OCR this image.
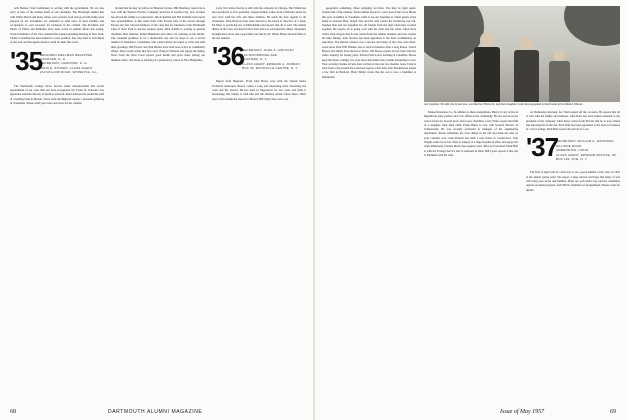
ords Bonner. Tom Commiskey is serving with the government. We are also sorry to hear of the sudden death of our classmate. The Pittsburgh alumni met with Walter Beach and many others were present. Golf and good fellowship were enjoyed by all. Classmates are reminded to send news of their families and occupations to your secretary for inclusion in the column. The President and Editor of Editor and Publisher have been active in alumni affairs this spring. Several members of the class attended the reunion planning meeting in New York. Charlie Considine has been named to a new position. The class fund is well ahead of last year and the agents deserve credit for their fine work.

'35
BENJAMIN WELLMAN REGISTER
HANOVER, N. H.
SECRETARY, HANOVER, N. H.
JOHN E. STOKES, CLASS AGENT
219 WILLOW ROAD, WINNETKA, ILL.

The Dartmouth College News Service made announcement that recent appointment of our class men has been recognized. Dr. Frank W. Schwartz was appointed assistant director of medical research. Rand Johnson has joined the staff of a leading bank in Boston. News from the Midwest reports a pleasant gathering of classmates. Please send your notes and news for the column.

dicated that he may be with us in Hanover in June. Bill Shumway reports he is now with the Western Electric Company and lives in Garden City. Jack Scanlon has moved his family to Connecticut. Jim Ackerman and Hal Lindlahr both report new grandchildren. A fine letter from Clint Fowler tells of his travels through Europe last fall. Several members of the class met for luncheon at the Dartmouth Club of New York to discuss reunion plans. Dick Adams is serving as general chairman. Bob Webster, Ralph Hammond and others are working on the details. The weekend promises to be a memorable one and we hope to see a record number in attendance. Classmates who cannot attend are urged to write and send their greetings. Bill Fowler and Tom Barnes have both been active in community affairs. Dave Curtis writes that he is now living in Vermont and enjoys the skiing. News from the West Coast reports good health and good cheer among our members there. Jim Stone is teaching at a preparatory school in New Hampshire.

Larry Ord writes that he is still with the company in Chicago. Bob Smith has been promoted to vice president. Joseph Gilman writes from California where he now lives with his wife and three children. He sends his best regards to all classmates. Dick Heywood has been elected to the board of directors of a bank. Ed Shaw is practicing law in Philadelphia and reports that all is well. The annual dinner of the class was held in New York and was well attended. Many classmates brought their wives and a good time was had by all. Walter Fisher showed films of the last reunion.

'36
SECRETARY, JOHN A. HINCKLEY
120 WOODRIDGE AVE.
CHATHAM, N. J.
CLASS AGENT, EDWARD A. JORDAN
BOX 45, ROCKVILLE CENTRE, N. Y.

Report from Belgrade. From John Howe, now with the United States Technical Assistance Board, comes a long and interesting letter describing his work and life abroad. He has been in Yugoslavia for two years and finds it fascinating. His family is with him and the children attend school there. Other news: Dave Kemp has moved to Boston; Bill Taylor has a new son.

geography something. More sympathy for Kirk. You may be right again. Sounds like a fine reunion. Ernie Gilman moved to a new post at the Cross House this year. A number of classmates came to see Art Lippman as winter guests at his home in Jackson Hole. Ralph Sale and his wife toured the Northwest last fall. Stephen Dan and Art Lippman are old friends from the days when they roomed together. He reports all is going well with his farm and his cattle. Alton Peck writes from Oregon that he has retired from the lumber business and now spends his time fishing. John Stevens has been appointed to the State Commission on education. The Denver reunion was a success and many of the class were there. Good news from Will Holmes who is back in business after a long illness. Chuck Brown and family have moved to Texas. Jim Moore reports he has been with the same company for twenty years. Edward Vail is now teaching at Columbia. Please keep the letters coming; it is your news that makes this column interesting to read. Your secretary thanks all who have written in the past few months. Gene Clark is back from a trip around the world and reports a fine time. Dan Freeman has joined a law firm in Hartford. Harry Miller writes that his son is now a freshman at Dartmouth.

Art Lippman '36 with, the brown tree, son Martha O'Driscoll, and their daughter Linda photographed at their home in Northfield, Illinois.

Manuel Insurance Co. In addition to these assignments, Henry is very active in Republican party politics and civic affairs in his community. He has served on the school board for several years and is now chairman. Larry Fiske reports the birth of a daughter, their third child. Frank Burns is now with General Electric in Schenectady. He was recently promoted to manager of the engineering department. Please remember the class dinner in the fall and mark the date on your calendar now. Sam Pollock has built a new home in Connecticut. Tom Wright writes he is now chief of surgery at a large hospital in Ohio and enjoys his work immensely. Charles Morris has opened a new office in Cleveland. Mark Hall is with the Foreign Service and is stationed in Paris. Bill Lyons reports a fine trip to Bermuda with his wife.

on Wednesday morning. Art Trum topped off the occasion. He reports that all is well with the family and business. John Kane has been named assistant to the president of his company. Chris Rowe writes from Florida that he is now retired and enjoying life in the sun. Fred Walz has been appointed to the board of trustees of a local college. Dick Bell reports the arrival of a son.

'37
SECRETARY, WILLIAM H. DAVIDSON
HILLSIDE ROAD
GREENWICH, CONN.
CLASS AGENT, EDWARD KRAUSE, JR.
BOX 104, RYE, N. Y.

The first of April will be a fine day to see a good number of the class of 1937 at the annual spring party. We expect a large turnout and hope that many of you will bring your wives and families. Plans are well under way and the committee reports excellent progress. Tom Hall is chairman of arrangements. Please write for details.

68	DARTMOUTH ALUMNI MAGAZINE	Issue of May 1957	69
